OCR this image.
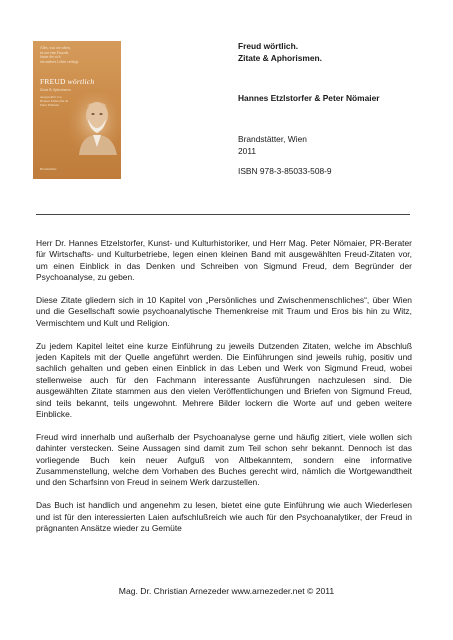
Alles, was wir sehen,
ist nur eine Fassade,
hinter der sich
ein anderes Leben verbirgt.
FREUD wörtlich
Zitate & Aphorismen
Ausgewählt von
Hannes Etzlstorfer &
Peter Nömaier
Brandstätter
Freud wörtlich.
Zitate & Aphorismen.
Hannes Etzlstorfer & Peter Nömaier
Brandstätter, Wien
2011
ISBN 978-3-85033-508-9

Herr Dr. Hannes Etzelstorfer, Kunst- und Kulturhistoriker, und Herr Mag. Peter Nömaier, PR-Berater für Wirtschafts- und Kulturbetriebe, legen einen kleinen Band mit ausgewählten Freud-Zitaten vor, um einen Einblick in das Denken und Schreiben von Sigmund Freud, dem Begründer der Psychoanalyse, zu geben.

Diese Zitate gliedern sich in 10 Kapitel von „Persönliches und Zwischenmenschliches“, über Wien und die Gesellschaft sowie psychoanalytische Themenkreise mit Traum und Eros bis hin zu Witz, Vermischtem und Kult und Religion.

Zu jedem Kapitel leitet eine kurze Einführung zu jeweils Dutzenden Zitaten, welche im Abschluß jeden Kapitels mit der Quelle angeführt werden. Die Einführungen sind jeweils ruhig, positiv und sachlich gehalten und geben einen Einblick in das Leben und Werk von Sigmund Freud, wobei stellenweise auch für den Fachmann interessante Ausführungen nachzulesen sind. Die ausgewählten Zitate stammen aus den vielen Veröffentlichungen und Briefen von Sigmund Freud, sind teils bekannt, teils ungewohnt. Mehrere Bilder lockern die Worte auf und geben weitere Einblicke.

Freud wird innerhalb und außerhalb der Psychoanalyse gerne und häufig zitiert, viele wollen sich dahinter verstecken. Seine Aussagen sind damit zum Teil schon sehr bekannt. Dennoch ist das vorliegende Buch kein neuer Aufguß von Altbekanntem, sondern eine informative Zusammenstellung, welche dem Vorhaben des Buches gerecht wird, nämlich die Wortgewandtheit und den Scharfsinn von Freud in seinem Werk darzustellen.

Das Buch ist handlich und angenehm zu lesen, bietet eine gute Einführung wie auch Wiederlesen und ist für den interessierten Laien aufschlußreich wie auch für den Psychoanalytiker, der Freud in prägnanten Ansätze wieder zu Gemüte

Mag. Dr. Christian Arnezeder www.arnezeder.net © 2011
